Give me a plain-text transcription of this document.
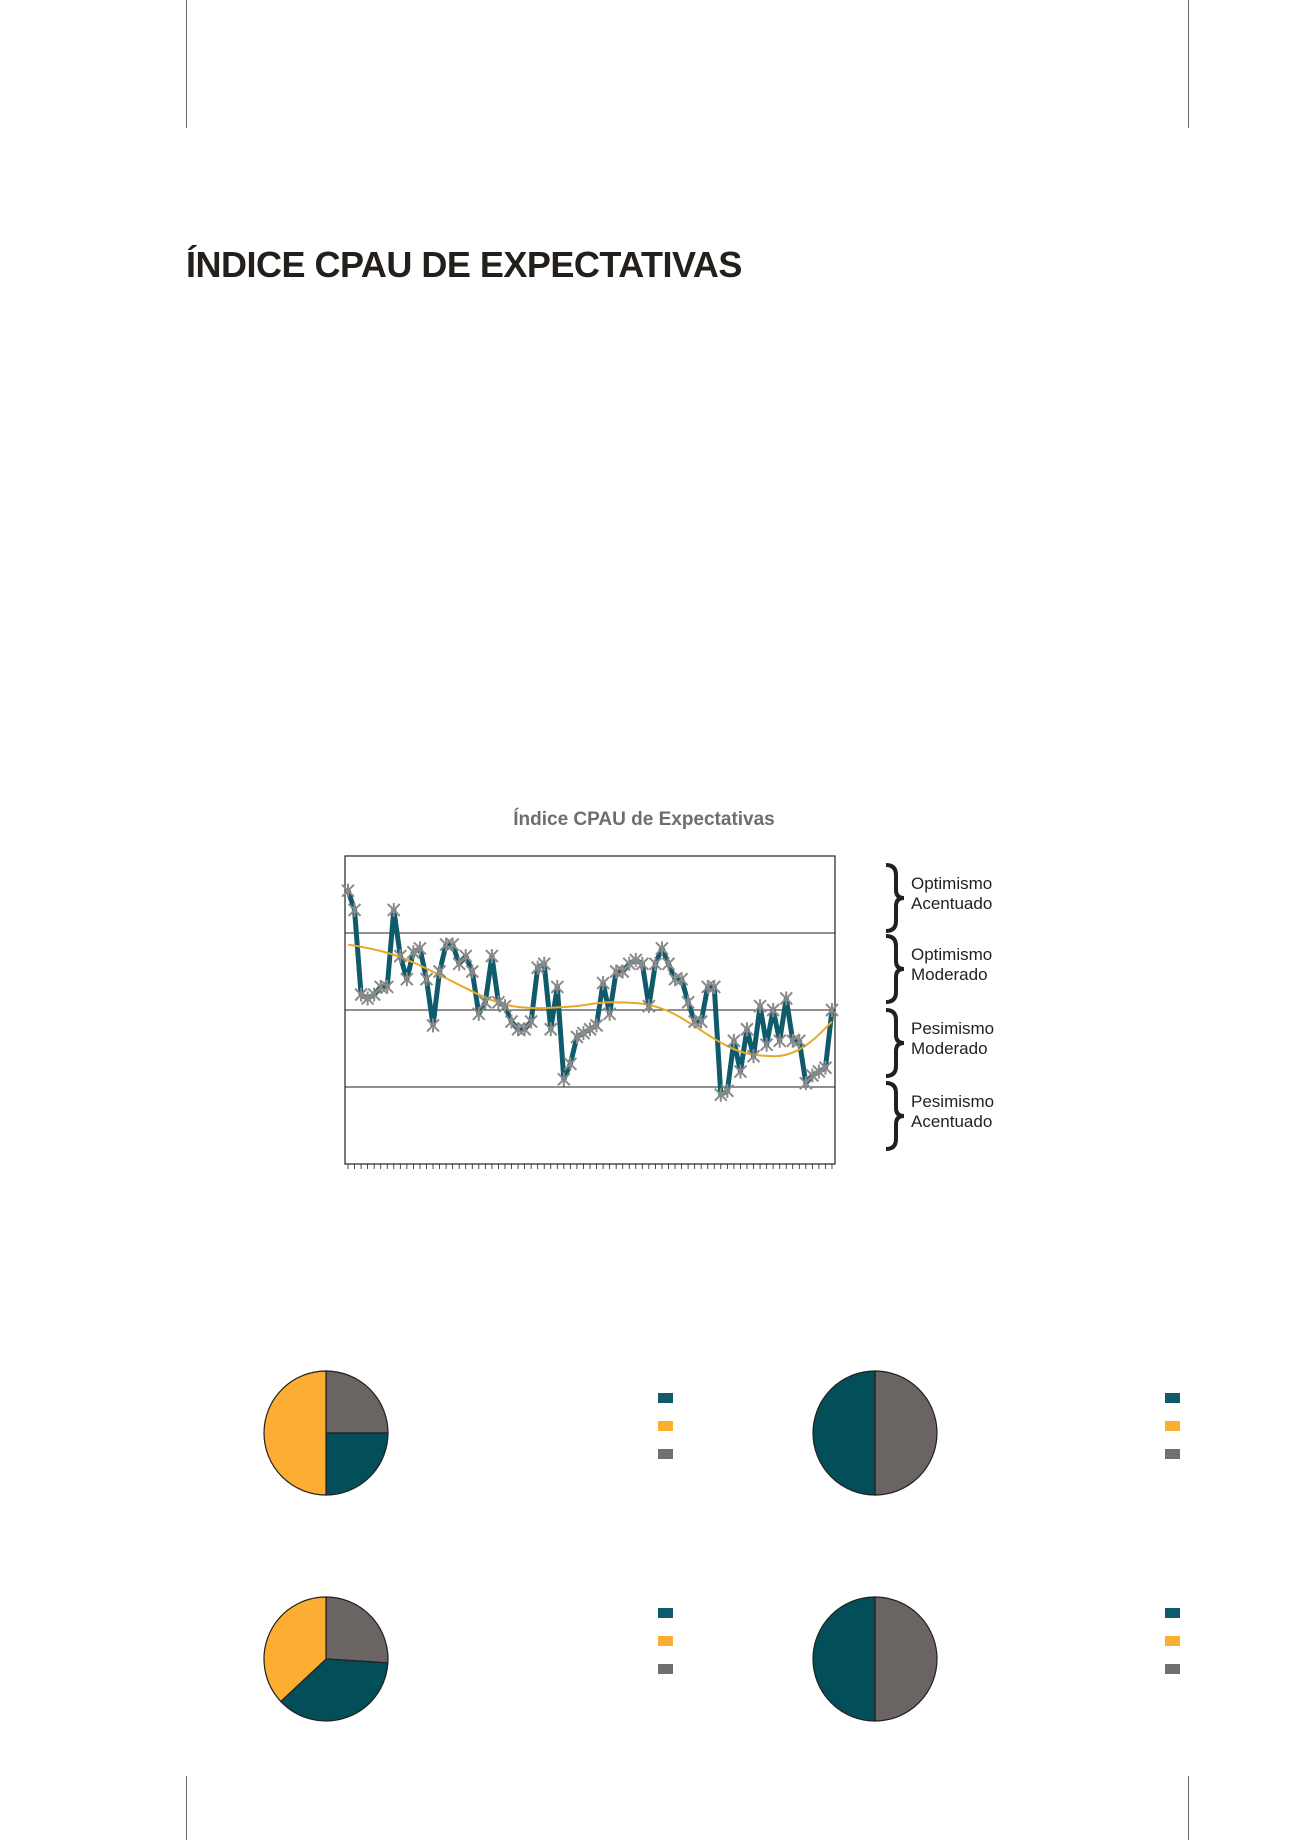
ÍNDICE CPAU DE EXPECTATIVAS
Índice CPAU de Expectativas
Optimismo
Acentuado
Optimismo
Moderado
Pesimismo
Moderado
Pesimismo
Acentuado
